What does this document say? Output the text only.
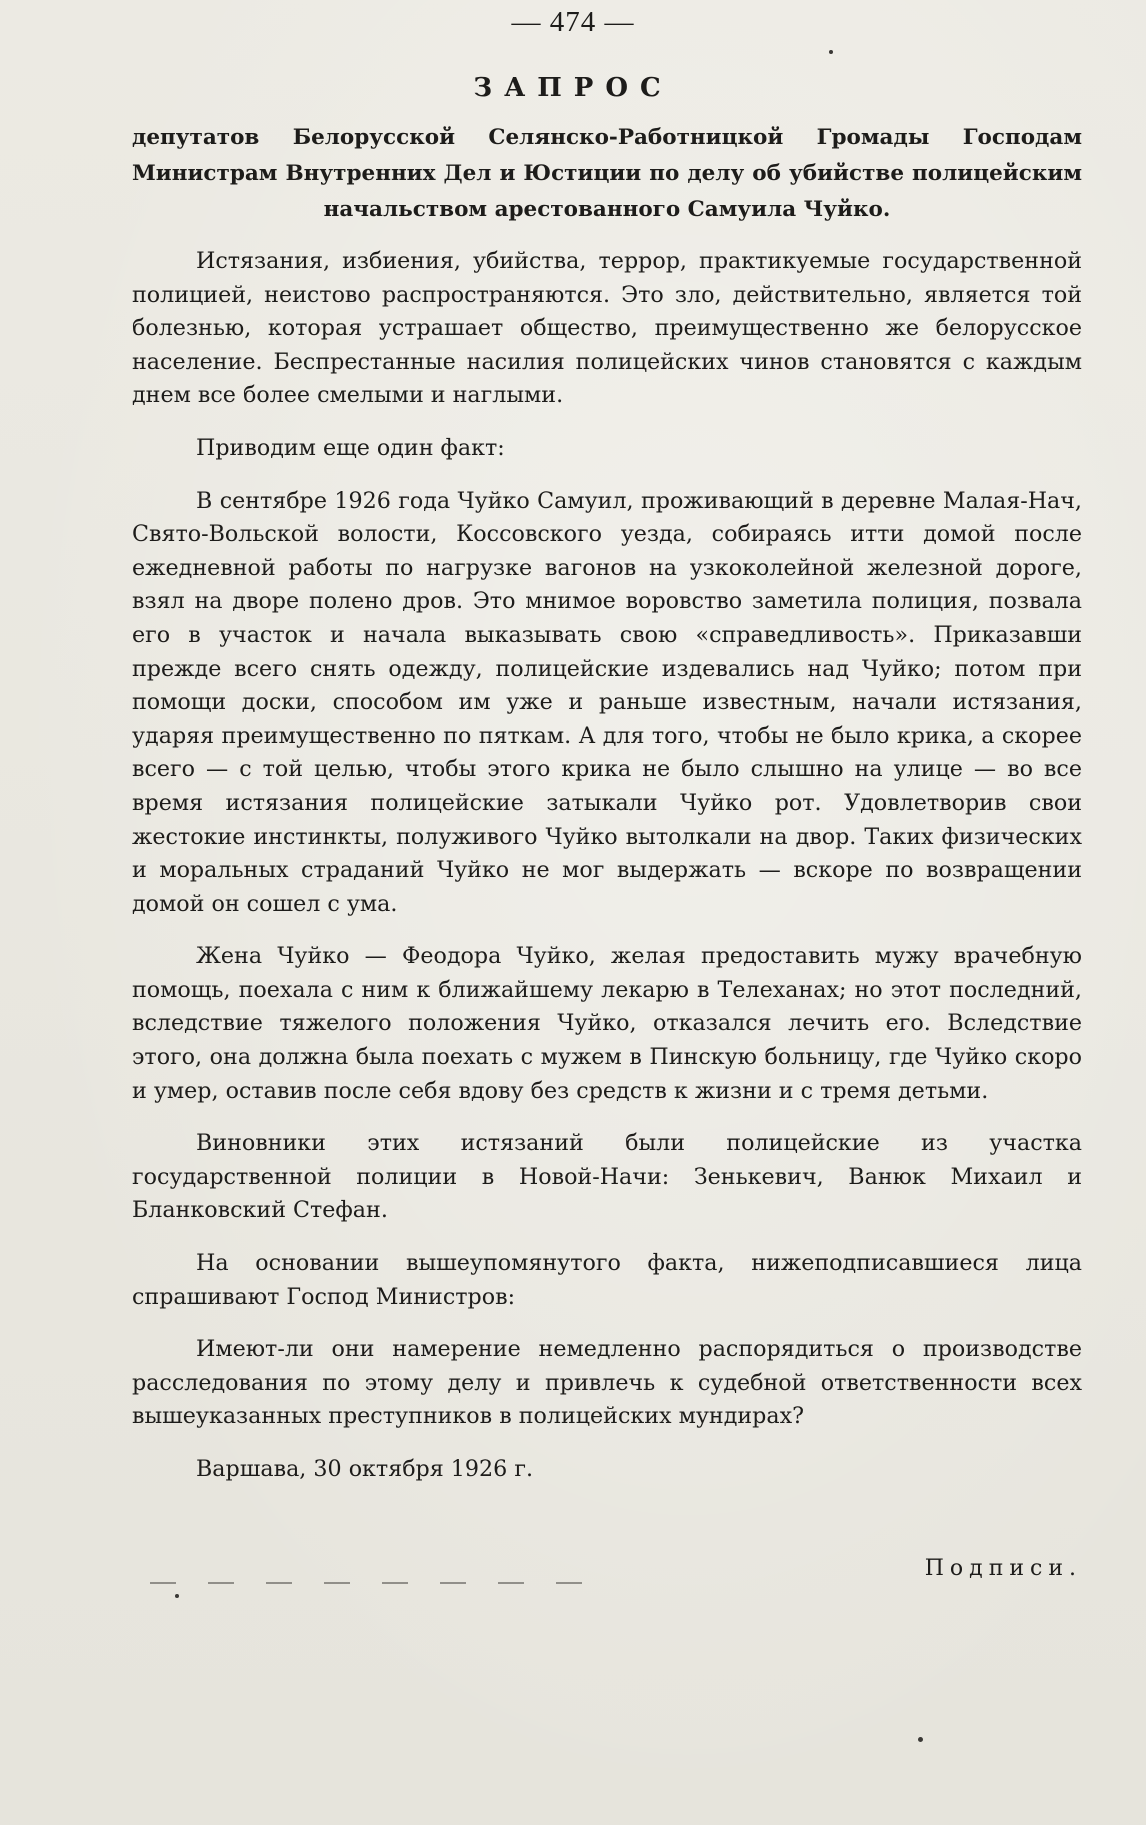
— 474 —
ЗАПРОС
депутатов Белорусской Селянско-Работницкой Громады Господам Министрам Внутренних Дел и Юстиции по делу об убийстве полицейским начальством арестованного Самуила Чуйко.

Истязания, избиения, убийства, террор, практикуемые государственной полицией, неистово распространяются. Это зло, действительно, является той болезнью, которая устрашает общество, преимущественно же белорусское население. Беспрестанные насилия полицейских чинов становятся с каждым днем все более смелыми и наглыми.

Приводим еще один факт:

В сентябре 1926 года Чуйко Самуил, проживающий в деревне Малая-Нач, Свято-Вольской волости, Коссовского уезда, собираясь итти домой после ежедневной работы по нагрузке вагонов на узкоколейной железной дороге, взял на дворе полено дров. Это мнимое воровство заметила полиция, позвала его в участок и начала выказывать свою «справедливость». Приказавши прежде всего снять одежду, полицейские издевались над Чуйко; потом при помощи доски, способом им уже и раньше известным, начали истязания, ударяя преимущественно по пяткам. А для того, чтобы не было крика, а скорее всего — с той целью, чтобы этого крика не было слышно на улице — во все время истязания полицейские затыкали Чуйко рот. Удовлетворив свои жестокие инстинкты, полуживого Чуйко вытолкали на двор. Таких физических и моральных страданий Чуйко не мог выдержать — вскоре по возвращении домой он сошел с ума.

Жена Чуйко — Феодора Чуйко, желая предоставить мужу врачебную помощь, поехала с ним к ближайшему лекарю в Телеханах; но этот последний, вследствие тяжелого положения Чуйко, отказался лечить его. Вследствие этого, она должна была поехать с мужем в Пинскую больницу, где Чуйко скоро и умер, оставив после себя вдову без средств к жизни и с тремя детьми.

Виновники этих истязаний были полицейские из участка государственной полиции в Новой-Начи: Зенькевич, Ванюк Михаил и Бланковский Стефан.

На основании вышеупомянутого факта, нижеподписавшиеся лица спрашивают Господ Министров:

Имеют-ли они намерение немедленно распорядиться о производстве расследования по этому делу и привлечь к судебной ответственности всех вышеуказанных преступников в полицейских мундирах?

Варшава, 30 октября 1926 г.

Подписи.
